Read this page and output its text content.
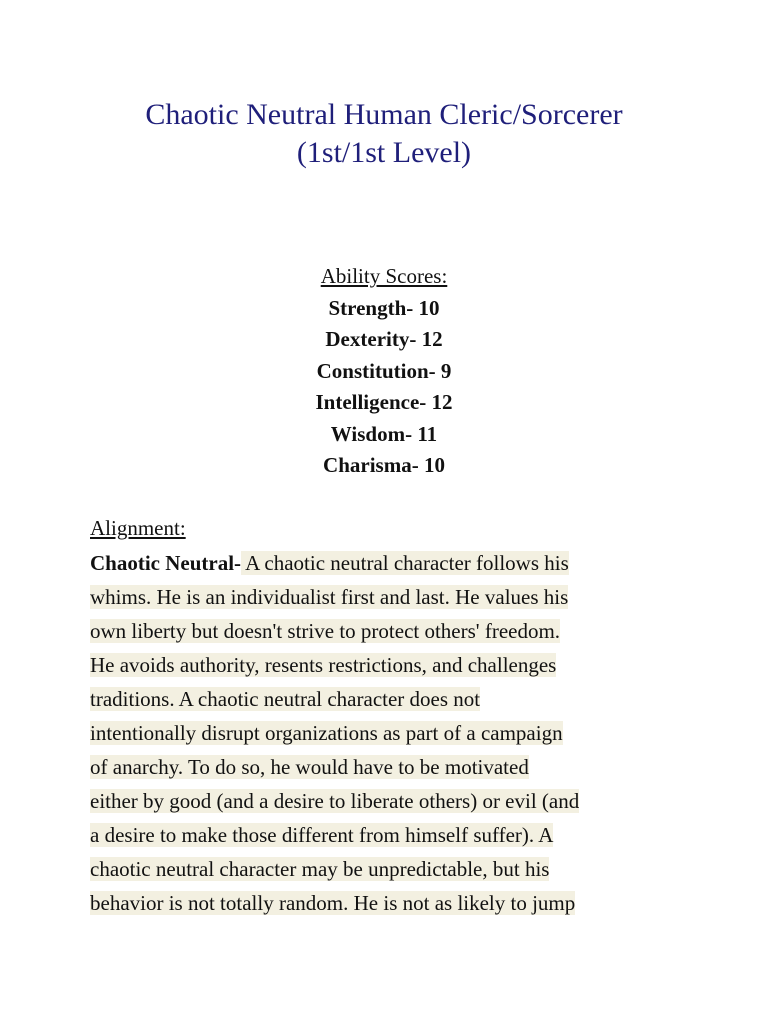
Chaotic Neutral Human Cleric/Sorcerer
(1st/1st Level)
Ability Scores:
Strength- 10
Dexterity- 12
Constitution- 9
Intelligence- 12
Wisdom- 11
Charisma- 10
Alignment:
Chaotic Neutral- A chaotic neutral character follows his
whims. He is an individualist first and last. He values his
own liberty but doesn't strive to protect others' freedom.
He avoids authority, resents restrictions, and challenges
traditions. A chaotic neutral character does not
intentionally disrupt organizations as part of a campaign
of anarchy. To do so, he would have to be motivated
either by good (and a desire to liberate others) or evil (and
a desire to make those different from himself suffer). A
chaotic neutral character may be unpredictable, but his
behavior is not totally random. He is not as likely to jump
